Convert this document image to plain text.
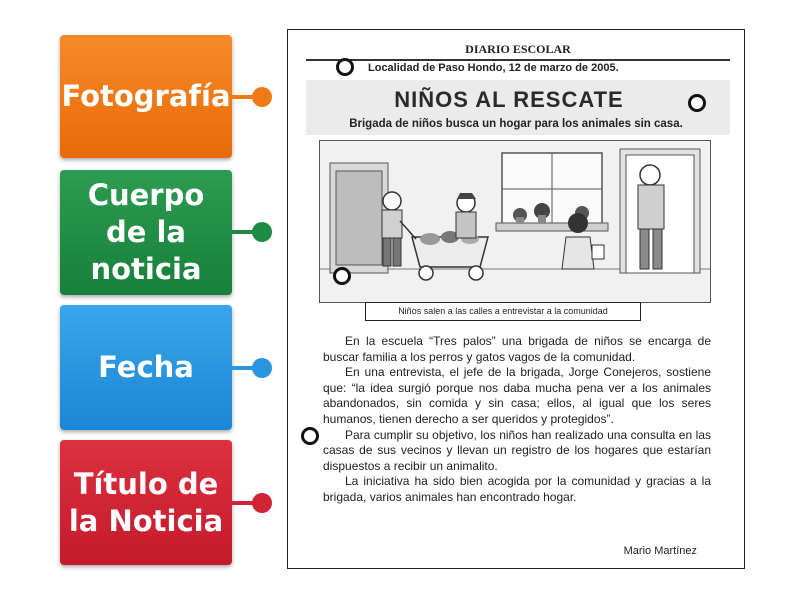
Fotografía
Cuerpo de la noticia
Fecha
Título de la Noticia
DIARIO ESCOLAR
Localidad de Paso Hondo, 12 de marzo de 2005.
NIÑOS AL RESCATE
Brigada de niños busca un hogar para los animales sin casa.
Niños salen a las calles a entrevistar a la comunidad

En la escuela “Tres palos” una brigada de niños se encarga de buscar familia a los perros y gatos vagos de la comunidad.

En una entrevista, el jefe de la brigada, Jorge Conejeros, sostiene que: “la idea surgió porque nos daba mucha pena ver a los animales abandonados, sin comida y sin casa; ellos, al igual que los seres humanos, tienen derecho a ser queridos y protegidos”.

Para cumplir su objetivo, los niños han realizado una consulta en las casas de sus vecinos y llevan un registro de los hogares que estarían dispuestos a recibir un animalito.

La iniciativa ha sido bien acogida por la comunidad y gracias a la brigada, varios animales han encontrado hogar.

Mario Martínez
